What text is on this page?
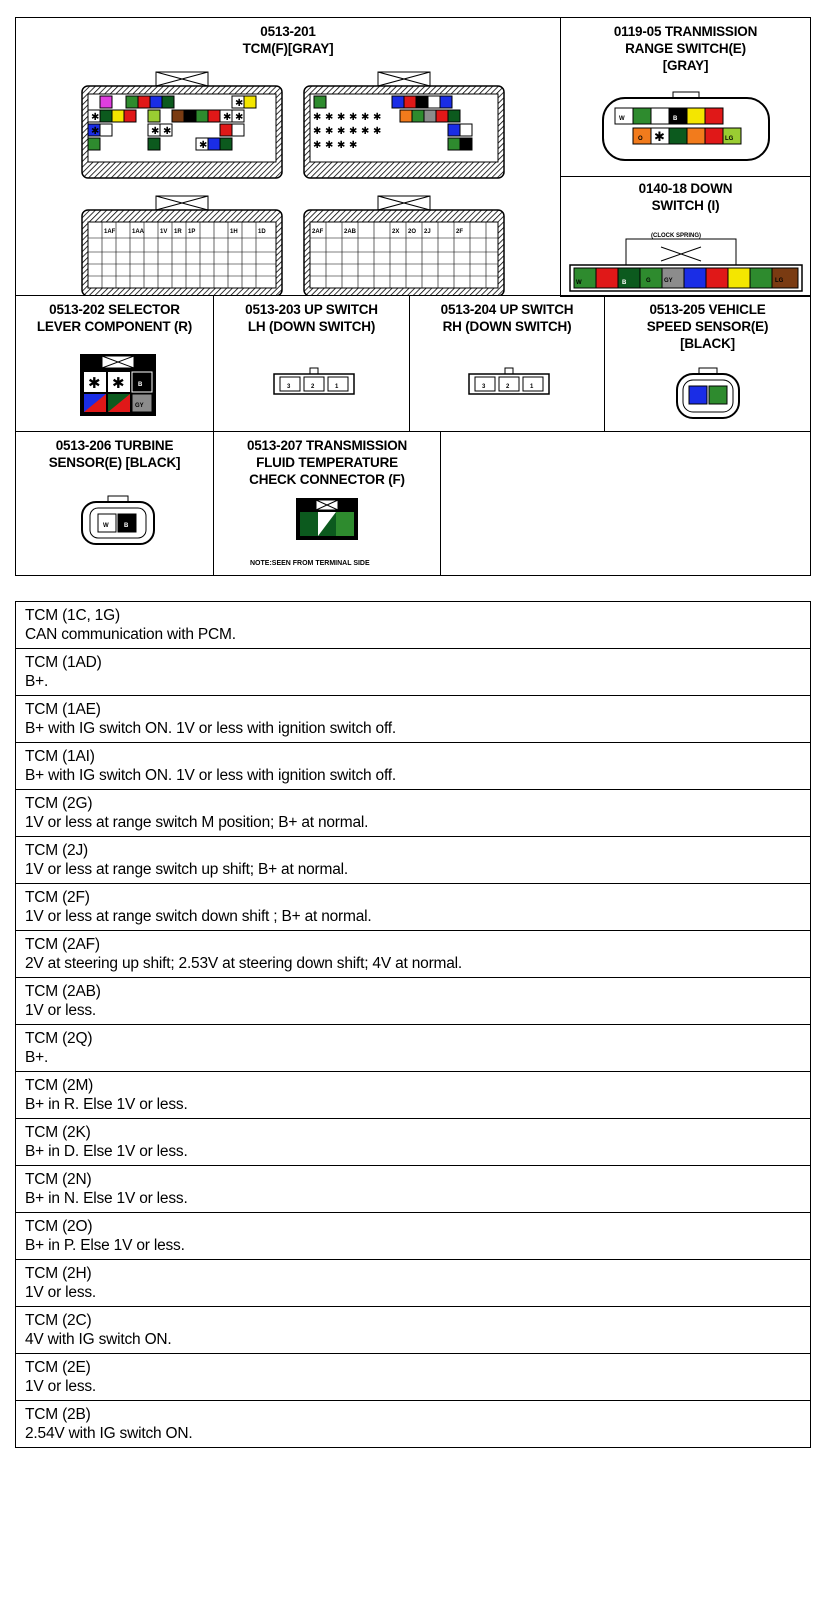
0513-201
TCM(F)[GRAY]
✱
✱	✱ ✱
✱ ✱
✱
✱
✱ ✱ ✱ ✱ ✱ ✱
✱ ✱ ✱ ✱ ✱ ✱
✱ ✱ ✱ ✱
1AF	1AA	1V 1R 1P	1H	1D	2AF	2AB	2X 2O 2J	2F
0119-05 TRANMISSION
RANGE SWITCH(E)
[GRAY]
W	B
O ✱	LG
0140-18 DOWN
SWITCH (I)
(CLOCK SPRING)
W	B	G GY	LG
0513-202 SELECTOR
LEVER COMPONENT (R)
✱ ✱ B
GY
0513-203 UP SWITCH
LH (DOWN SWITCH)
3	2	1
0513-204 UP SWITCH
RH (DOWN SWITCH)
3	2	1
0513-205 VEHICLE
SPEED SENSOR(E)
[BLACK]
0513-206 TURBINE
SENSOR(E) [BLACK]
W	B
0513-207 TRANSMISSION
FLUID TEMPERATURE
CHECK CONNECTOR (F)
NOTE:SEEN FROM TERMINAL SIDE
TCM (1C, 1G)
CAN communication with PCM.

TCM (1AD)
B+.

TCM (1AE)
B+ with IG switch ON. 1V or less with ignition switch off.

TCM (1AI)
B+ with IG switch ON. 1V or less with ignition switch off.

TCM (2G)
1V or less at range switch M position; B+ at normal.

TCM (2J)
1V or less at range switch up shift; B+ at normal.

TCM (2F)
1V or less at range switch down shift ; B+ at normal.

TCM (2AF)
2V at steering up shift; 2.53V at steering down shift; 4V at normal.

TCM (2AB)
1V or less.

TCM (2Q)
B+.

TCM (2M)
B+ in R. Else 1V or less.

TCM (2K)
B+ in D. Else 1V or less.

TCM (2N)
B+ in N. Else 1V or less.

TCM (2O)
B+ in P. Else 1V or less.

TCM (2H)
1V or less.

TCM (2C)
4V with IG switch ON.

TCM (2E)
1V or less.

TCM (2B)
2.54V with IG switch ON.
